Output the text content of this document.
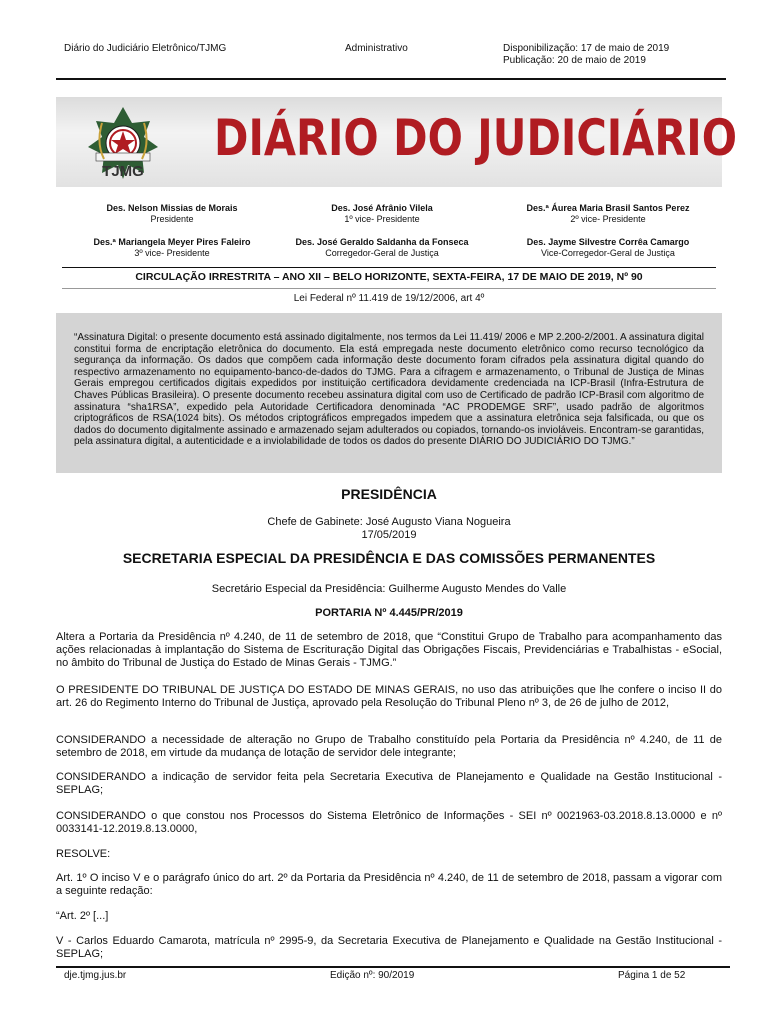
Diário do Judiciário Eletrônico/TJMG	Administrativo	Disponibilização: 17 de maio de 2019
Publicação: 20 de maio de 2019
TJMG
DIÁRIO DO JUDICIÁRIO
Des. Nelson Missias de Morais
Presidente
Des. José Afrânio Vilela
1º vice- Presidente
Des.ª Áurea Maria Brasil Santos Perez
2º vice- Presidente
Des.ª Mariangela Meyer Pires Faleiro
3º vice- Presidente
Des. José Geraldo Saldanha da Fonseca
Corregedor-Geral de Justiça
Des. Jayme Silvestre Corrêa Camargo
Vice-Corregedor-Geral de Justiça
CIRCULAÇÃO IRRESTRITA – ANO XII – BELO HORIZONTE, SEXTA-FEIRA, 17 DE MAIO DE 2019, Nº 90
Lei Federal nº 11.419 de 19/12/2006, art 4º
“Assinatura Digital: o presente documento está assinado digitalmente, nos termos da Lei 11.419/ 2006 e MP 2.200-2/2001. A assinatura digital constitui forma de encriptação eletrônica do documento. Ela está empregada neste documento eletrônico como recurso tecnológico da segurança da informação. Os dados que compõem cada informação deste documento foram cifrados pela assinatura digital quando do respectivo armazenamento no equipamento-banco-de-dados do TJMG. Para a cifragem e armazenamento, o Tribunal de Justiça de Minas Gerais empregou certificados digitais expedidos por instituição certificadora devidamente credenciada na ICP-Brasil (Infra-Estrutura de Chaves Públicas Brasileira). O presente documento recebeu assinatura digital com uso de Certificado de padrão ICP-Brasil com algoritmo de assinatura “sha1RSA”, expedido pela Autoridade Certificadora denominada “AC PRODEMGE SRF”, usado padrão de algoritmos criptográficos de RSA(1024 bits). Os métodos criptográficos empregados impedem que a assinatura eletrônica seja falsificada, ou que os dados do documento digitalmente assinado e armazenado sejam adulterados ou copiados, tornando-os invioláveis. Encontram-se garantidas, pela assinatura digital, a autenticidade e a inviolabilidade de todos os dados do presente DIÁRIO DO JUDICIÁRIO DO TJMG.”
PRESIDÊNCIA
Chefe de Gabinete: José Augusto Viana Nogueira
17/05/2019
SECRETARIA ESPECIAL DA PRESIDÊNCIA E DAS COMISSÕES PERMANENTES
Secretário Especial da Presidência: Guilherme Augusto Mendes do Valle
PORTARIA Nº 4.445/PR/2019
Altera a Portaria da Presidência nº 4.240, de 11 de setembro de 2018, que “Constitui Grupo de Trabalho para acompanhamento das ações relacionadas à implantação do Sistema de Escrituração Digital das Obrigações Fiscais, Previdenciárias e Trabalhistas - eSocial, no âmbito do Tribunal de Justiça do Estado de Minas Gerais - TJMG.”
O PRESIDENTE DO TRIBUNAL DE JUSTIÇA DO ESTADO DE MINAS GERAIS, no uso das atribuições que lhe confere o inciso II do art. 26 do Regimento Interno do Tribunal de Justiça, aprovado pela Resolução do Tribunal Pleno nº 3, de 26 de julho de 2012,
CONSIDERANDO a necessidade de alteração no Grupo de Trabalho constituído pela Portaria da Presidência nº 4.240, de 11 de setembro de 2018, em virtude da mudança de lotação de servidor dele integrante;
CONSIDERANDO a indicação de servidor feita pela Secretaria Executiva de Planejamento e Qualidade na Gestão Institucional - SEPLAG;
CONSIDERANDO o que constou nos Processos do Sistema Eletrônico de Informações - SEI nº 0021963-03.2018.8.13.0000 e nº 0033141-12.2019.8.13.0000,
RESOLVE:
Art. 1º O inciso V e o parágrafo único do art. 2º da Portaria da Presidência nº 4.240, de 11 de setembro de 2018, passam a vigorar com a seguinte redação:
“Art. 2º [...]
V - Carlos Eduardo Camarota, matrícula nº 2995-9, da Secretaria Executiva de Planejamento e Qualidade na Gestão Institucional - SEPLAG;
dje.tjmg.jus.br	Edição nº: 90/2019	Página 1 de 52
